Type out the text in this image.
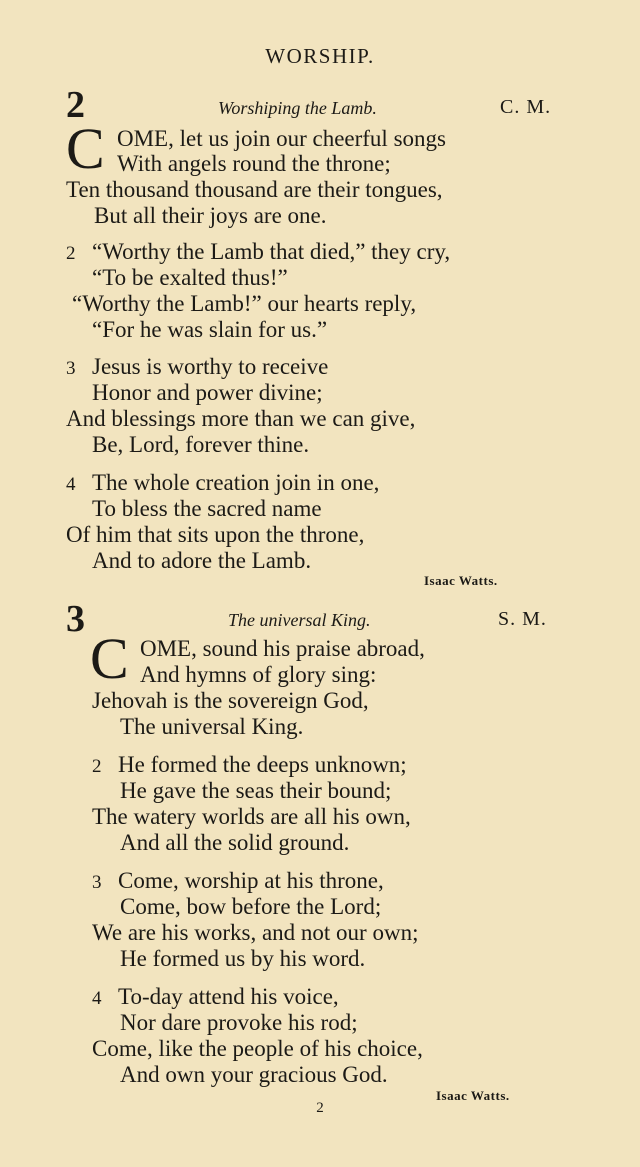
WORSHIP.
2	Worshiping the Lamb.	C. M.
C OME, let us join our cheerful songs
With angels round the throne;
Ten thousand thousand are their tongues,
But all their joys are one.
2 “Worthy the Lamb that died,” they cry,
“To be exalted thus!”
“Worthy the Lamb!” our hearts reply,
“For he was slain for us.”
3 Jesus is worthy to receive
Honor and power divine;
And blessings more than we can give,
Be, Lord, forever thine.
4 The whole creation join in one,
To bless the sacred name
Of him that sits upon the throne,
And to adore the Lamb.
Isaac Watts.
3	The universal King.	S. M.
C OME, sound his praise abroad,
And hymns of glory sing:
Jehovah is the sovereign God,
The universal King.
2 He formed the deeps unknown;
He gave the seas their bound;
The watery worlds are all his own,
And all the solid ground.
3 Come, worship at his throne,
Come, bow before the Lord;
We are his works, and not our own;
He formed us by his word.
4 To-day attend his voice,
Nor dare provoke his rod;
Come, like the people of his choice,
And own your gracious God.
Isaac Watts.
2
